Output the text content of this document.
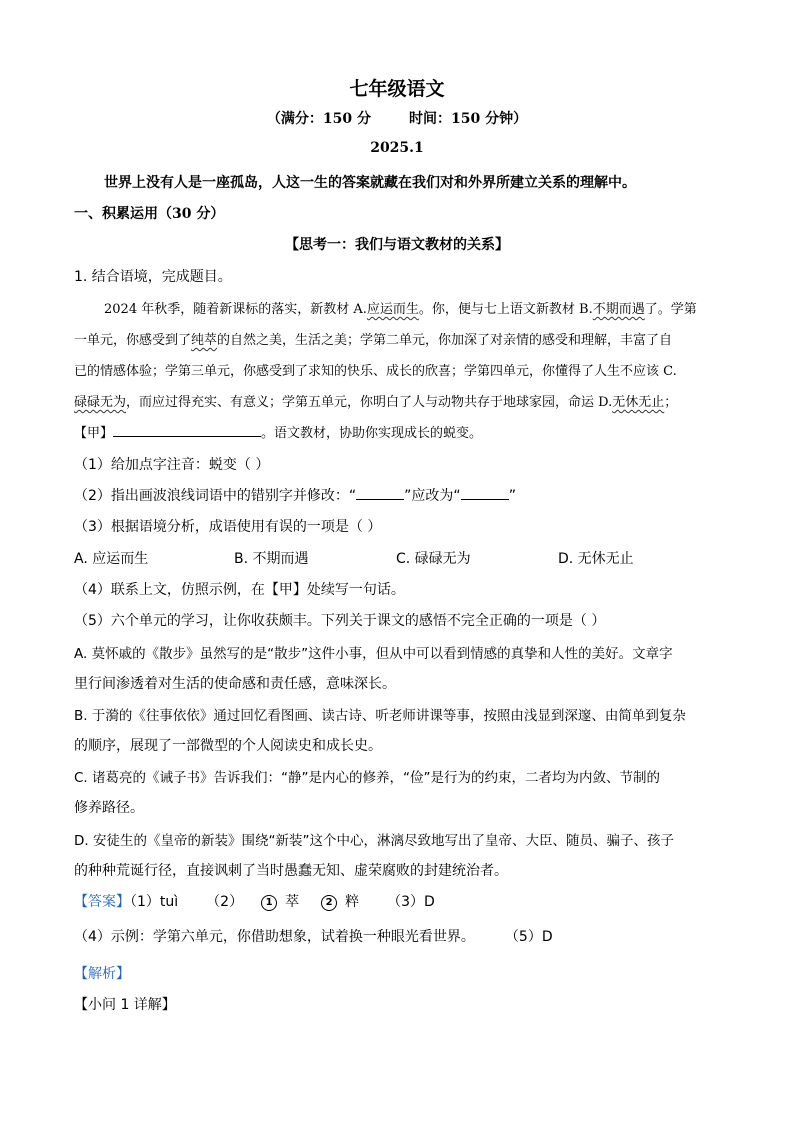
七年级语文
（满分：150 分	时间：150 分钟）
2025.1
世界上没有人是一座孤岛，人这一生的答案就藏在我们对和外界所建立关系的理解中。
一、积累运用（30 分）
【思考一：我们与语文教材的关系】
1. 结合语境，完成题目。
2024 年秋季，随着新课标的落实，新教材 A.应运而生。你，便与七上语文新教材 B.不期而遇了。学第
一单元，你感受到了纯萃的自然之美，生活之美；学第二单元，你加深了对亲情的感受和理解，丰富了自
已的情感体验；学第三单元，你感受到了求知的快乐、成长的欣喜；学第四单元，你懂得了人生不应该 C.
碌碌无为，而应过得充实、有意义；学第五单元，你明白了人与动物共存于地球家园，命运 D.无休无止；
【甲】	。语文教材，协助你实现成长的蜕变。
（1）给加点字注音：蜕变（ ）
（2）指出画波浪线词语中的错别字并修改：“	”应改为“	”
（3）根据语境分析，成语使用有误的一项是（ ）
A. 应运而生	B. 不期而遇	C. 碌碌无为	D. 无休无止
（4）联系上文，仿照示例，在【甲】处续写一句话。
（5）六个单元的学习，让你收获颇丰。下列关于课文的感悟不完全正确的一项是（ ）
A. 莫怀戚的《散步》虽然写的是“散步”这件小事，但从中可以看到情感的真挚和人性的美好。文章字
里行间渗透着对生活的使命感和责任感，意味深长。
B. 于漪的《往事依依》通过回忆看图画、读古诗、听老师讲课等事，按照由浅显到深邃、由简单到复杂
的顺序，展现了一部微型的个人阅读史和成长史。
C. 诸葛亮的《诫子书》告诉我们：“静”是内心的修养，“俭”是行为的约束，二者均为内敛、节制的
修养路径。
D. 安徒生的《皇帝的新装》围绕“新装”这个中心，淋漓尽致地写出了皇帝、大臣、随员、骗子、孩子
的种种荒诞行径，直接讽刺了当时愚蠢无知、虚荣腐败的封建统治者。
【答案】（1）tuì （2） 1 萃	2 粹 （3）D
（4）示例：学第六单元，你借助想象，试着换一种眼光看世界。 （5）D
【解析】
【小问 1 详解】
